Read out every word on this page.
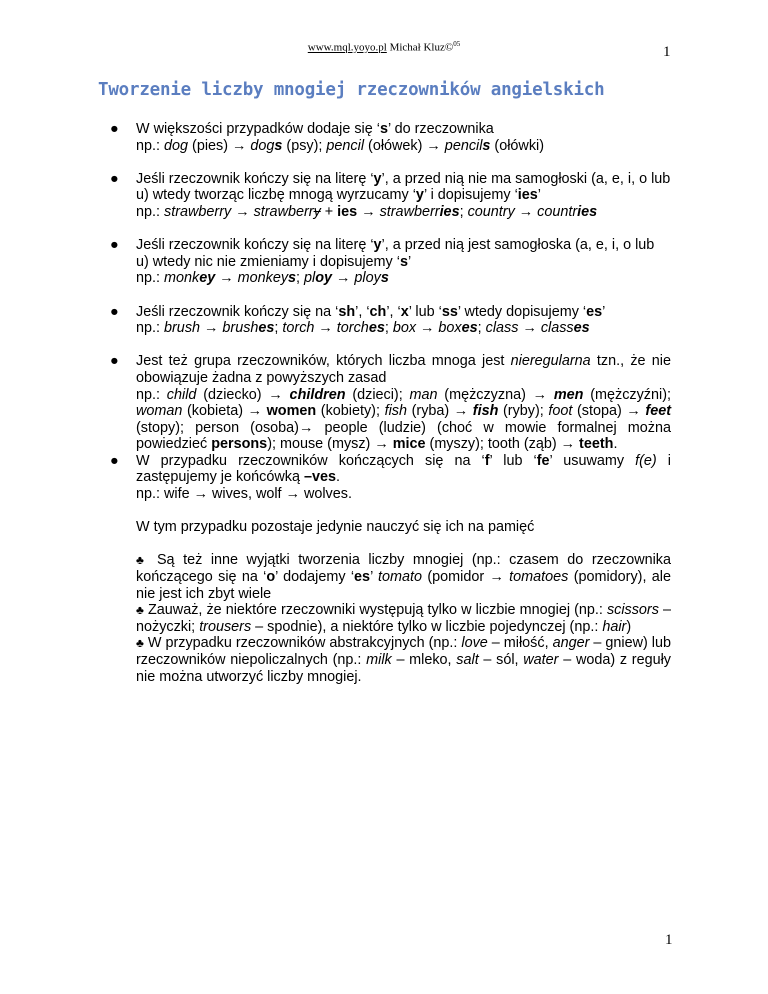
www.mql.yoyo.pl Michał Kluz©$^{05}$	1
Tworzenie liczby mnogiej rzeczowników angielskich
● W większości przypadków dodaje się ‘s’ do rzeczownika
np.: dog (pies) → dogs (psy); pencil (ołówek) → pencils (ołówki)
● Jeśli rzeczownik kończy się na literę ‘y’, a przed nią nie ma samogłoski (a, e, i, o lub u) wtedy tworząc liczbę mnogą wyrzucamy ‘y’ i dopisujemy ‘ies’
np.: strawberry → strawberry + ies → strawberries; country → countries
● Jeśli rzeczownik kończy się na literę ‘y’, a przed nią jest samogłoska (a, e, i, o lub u) wtedy nic nie zmieniamy i dopisujemy ‘s’
np.: monkey → monkeys; ploy → ploys
● Jeśli rzeczownik kończy się na ‘sh’, ‘ch’, ‘x’ lub ‘ss’ wtedy dopisujemy ‘es’
np.: brush → brushes; torch → torches; box → boxes; class → classes
● Jest też grupa rzeczowników, których liczba mnoga jest nieregularna tzn., że nie obowiązuje żadna z powyższych zasad
np.: child (dziecko) → children (dzieci); man (mężczyzna) → men (mężczyźni); woman (kobieta) → women (kobiety); fish (ryba) → fish (ryby); foot (stopa) → feet (stopy); person (osoba)→ people (ludzie) (choć w mowie formalnej można powiedzieć persons); mouse (mysz) → mice (myszy); tooth (ząb) → teeth.
● W przypadku rzeczowników kończących się na ‘f’ lub ‘fe’ usuwamy f(e) i zastępujemy je końcówką –ves.
np.: wife → wives, wolf → wolves.
W tym przypadku pozostaje jedynie nauczyć się ich na pamięć
♣ Są też inne wyjątki tworzenia liczby mnogiej (np.: czasem do rzeczownika kończącego się na ‘o’ dodajemy ‘es’ tomato (pomidor → tomatoes (pomidory), ale nie jest ich zbyt wiele
♣ Zauważ, że niektóre rzeczowniki występują tylko w liczbie mnogiej (np.: scissors – nożyczki; trousers – spodnie), a niektóre tylko w liczbie pojedynczej (np.: hair)
♣ W przypadku rzeczowników abstrakcyjnych (np.: love – miłość, anger – gniew) lub rzeczowników niepoliczalnych (np.: milk – mleko, salt – sól, water – woda) z reguły nie można utworzyć liczby mnogiej.
1
